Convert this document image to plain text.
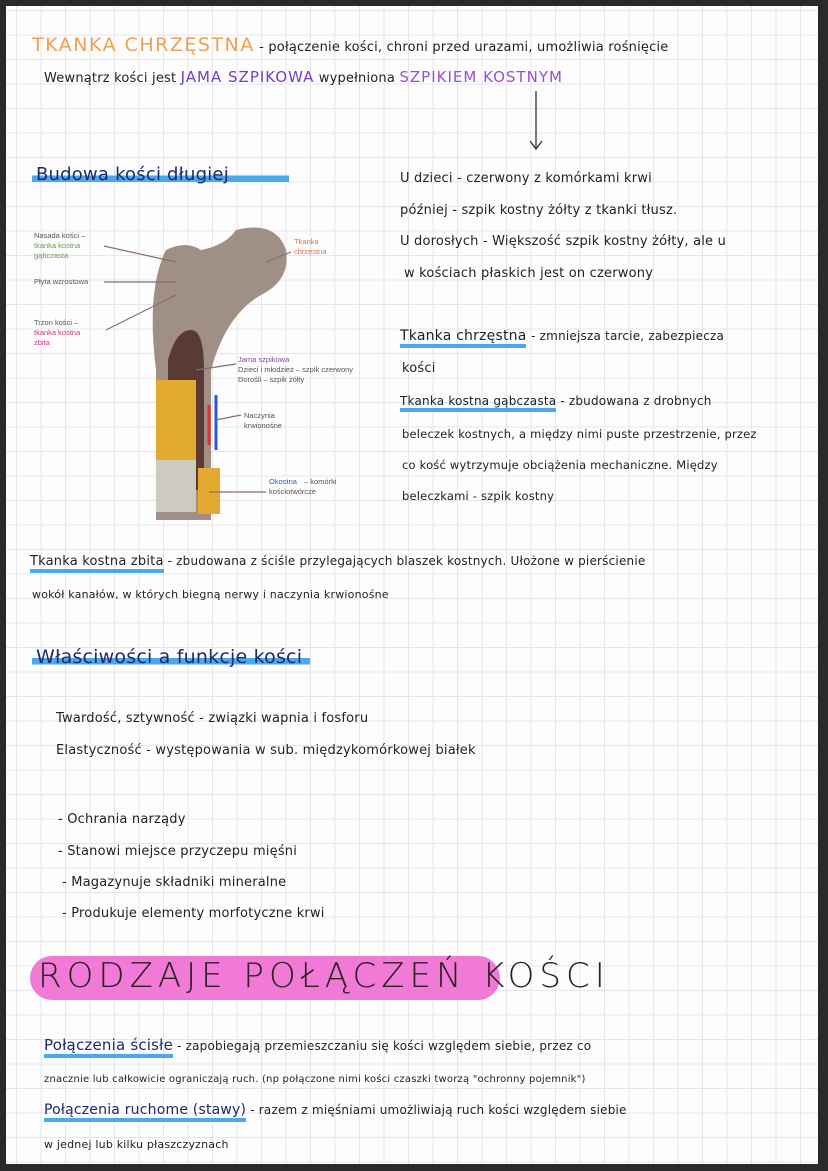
TKANKA CHRZĘSTNA - połączenie kości, chroni przed urazami, umożliwia rośnięcie
Wewnątrz kości jest JAMA SZPIKOWA wypełniona SZPIKIEM KOSTNYM
Budowa kości długiej
Nasada kości –
tkanka kostna
gąbczasta
Płyta wzrostowa
Trzon kości –
tkanka kostna
zbita
Tkanka
chrzęstna
Jama szpikowa
Dzieci i młodzież – szpik czerwony
Dorośli – szpik żółty
Naczynia
krwionośne
Okostna – komórki
kościotwórcze
U dzieci - czerwony z komórkami krwi
później - szpik kostny żółty z tkanki tłusz.
U dorosłych - Większość szpik kostny żółty, ale u
w kościach płaskich jest on czerwony
Tkanka chrzęstna - zmniejsza tarcie, zabezpiecza
kości
Tkanka kostna gąbczasta - zbudowana z drobnych
beleczek kostnych, a między nimi puste przestrzenie, przez
co kość wytrzymuje obciążenia mechaniczne. Między
beleczkami - szpik kostny
Tkanka kostna zbita - zbudowana z ściśle przylegających blaszek kostnych. Ułożone w pierścienie
wokół kanałów, w których biegną nerwy i naczynia krwionośne
Właściwości a funkcje kości
Twardość, sztywność - związki wapnia i fosforu
Elastyczność - występowania w sub. międzykomórkowej białek
- Ochrania narządy
- Stanowi miejsce przyczepu mięśni
- Magazynuje składniki mineralne
- Produkuje elementy morfotyczne krwi
RODZAJE POŁĄCZEŃ KOŚCI
Połączenia ścisłe - zapobiegają przemieszczaniu się kości względem siebie, przez co
znacznie lub całkowicie ograniczają ruch. (np połączone nimi kości czaszki tworzą "ochronny pojemnik")
Połączenia ruchome (stawy) - razem z mięśniami umożliwiają ruch kości względem siebie
w jednej lub kilku płaszczyznach
